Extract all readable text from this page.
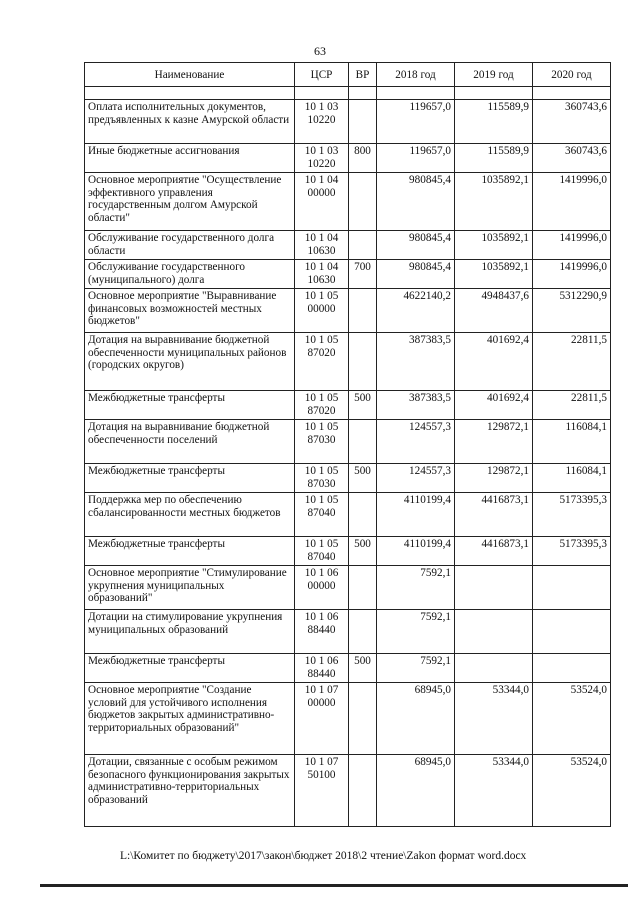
63
Наименование	ЦСР	ВР	2018 год	2019 год	2020 год

Оплата исполнительных документов, предъявленных к казне Амурской области	10 1 03 10220		119657,0	115589,9	360743,6
Иные бюджетные ассигнования	10 1 03 10220	800	119657,0	115589,9	360743,6
Основное мероприятие "Осуществление эффективного управления государственным долгом Амурской области"	10 1 04 00000		980845,4	1035892,1	1419996,0
Обслуживание государственного долга области	10 1 04 10630		980845,4	1035892,1	1419996,0
Обслуживание государственного (муниципального) долга	10 1 04 10630	700	980845,4	1035892,1	1419996,0
Основное мероприятие "Выравнивание финансовых возможностей местных бюджетов"	10 1 05 00000		4622140,2	4948437,6	5312290,9
Дотация на выравнивание бюджетной обеспеченности муниципальных районов (городских округов)	10 1 05 87020		387383,5	401692,4	22811,5
Межбюджетные трансферты	10 1 05 87020	500	387383,5	401692,4	22811,5
Дотация на выравнивание бюджетной обеспеченности поселений	10 1 05 87030		124557,3	129872,1	116084,1
Межбюджетные трансферты	10 1 05 87030	500	124557,3	129872,1	116084,1
Поддержка мер по обеспечению сбалансированности местных бюджетов	10 1 05 87040		4110199,4	4416873,1	5173395,3
Межбюджетные трансферты	10 1 05 87040	500	4110199,4	4416873,1	5173395,3
Основное мероприятие "Стимулирование укрупнения муниципальных образований"	10 1 06 00000		7592,1		
Дотации на стимулирование укрупнения муниципальных образований	10 1 06 88440		7592,1		
Межбюджетные трансферты	10 1 06 88440	500	7592,1		
Основное мероприятие "Создание условий для устойчивого исполнения бюджетов закрытых административно-территориальных образований"	10 1 07 00000		68945,0	53344,0	53524,0
Дотации, связанные с особым режимом безопасного функционирования закрытых административно-территориальных образований	10 1 07 50100		68945,0	53344,0	53524,0
L:\Комитет по бюджету\2017\закон\бюджет 2018\2 чтение\Zakon формат word.docx
